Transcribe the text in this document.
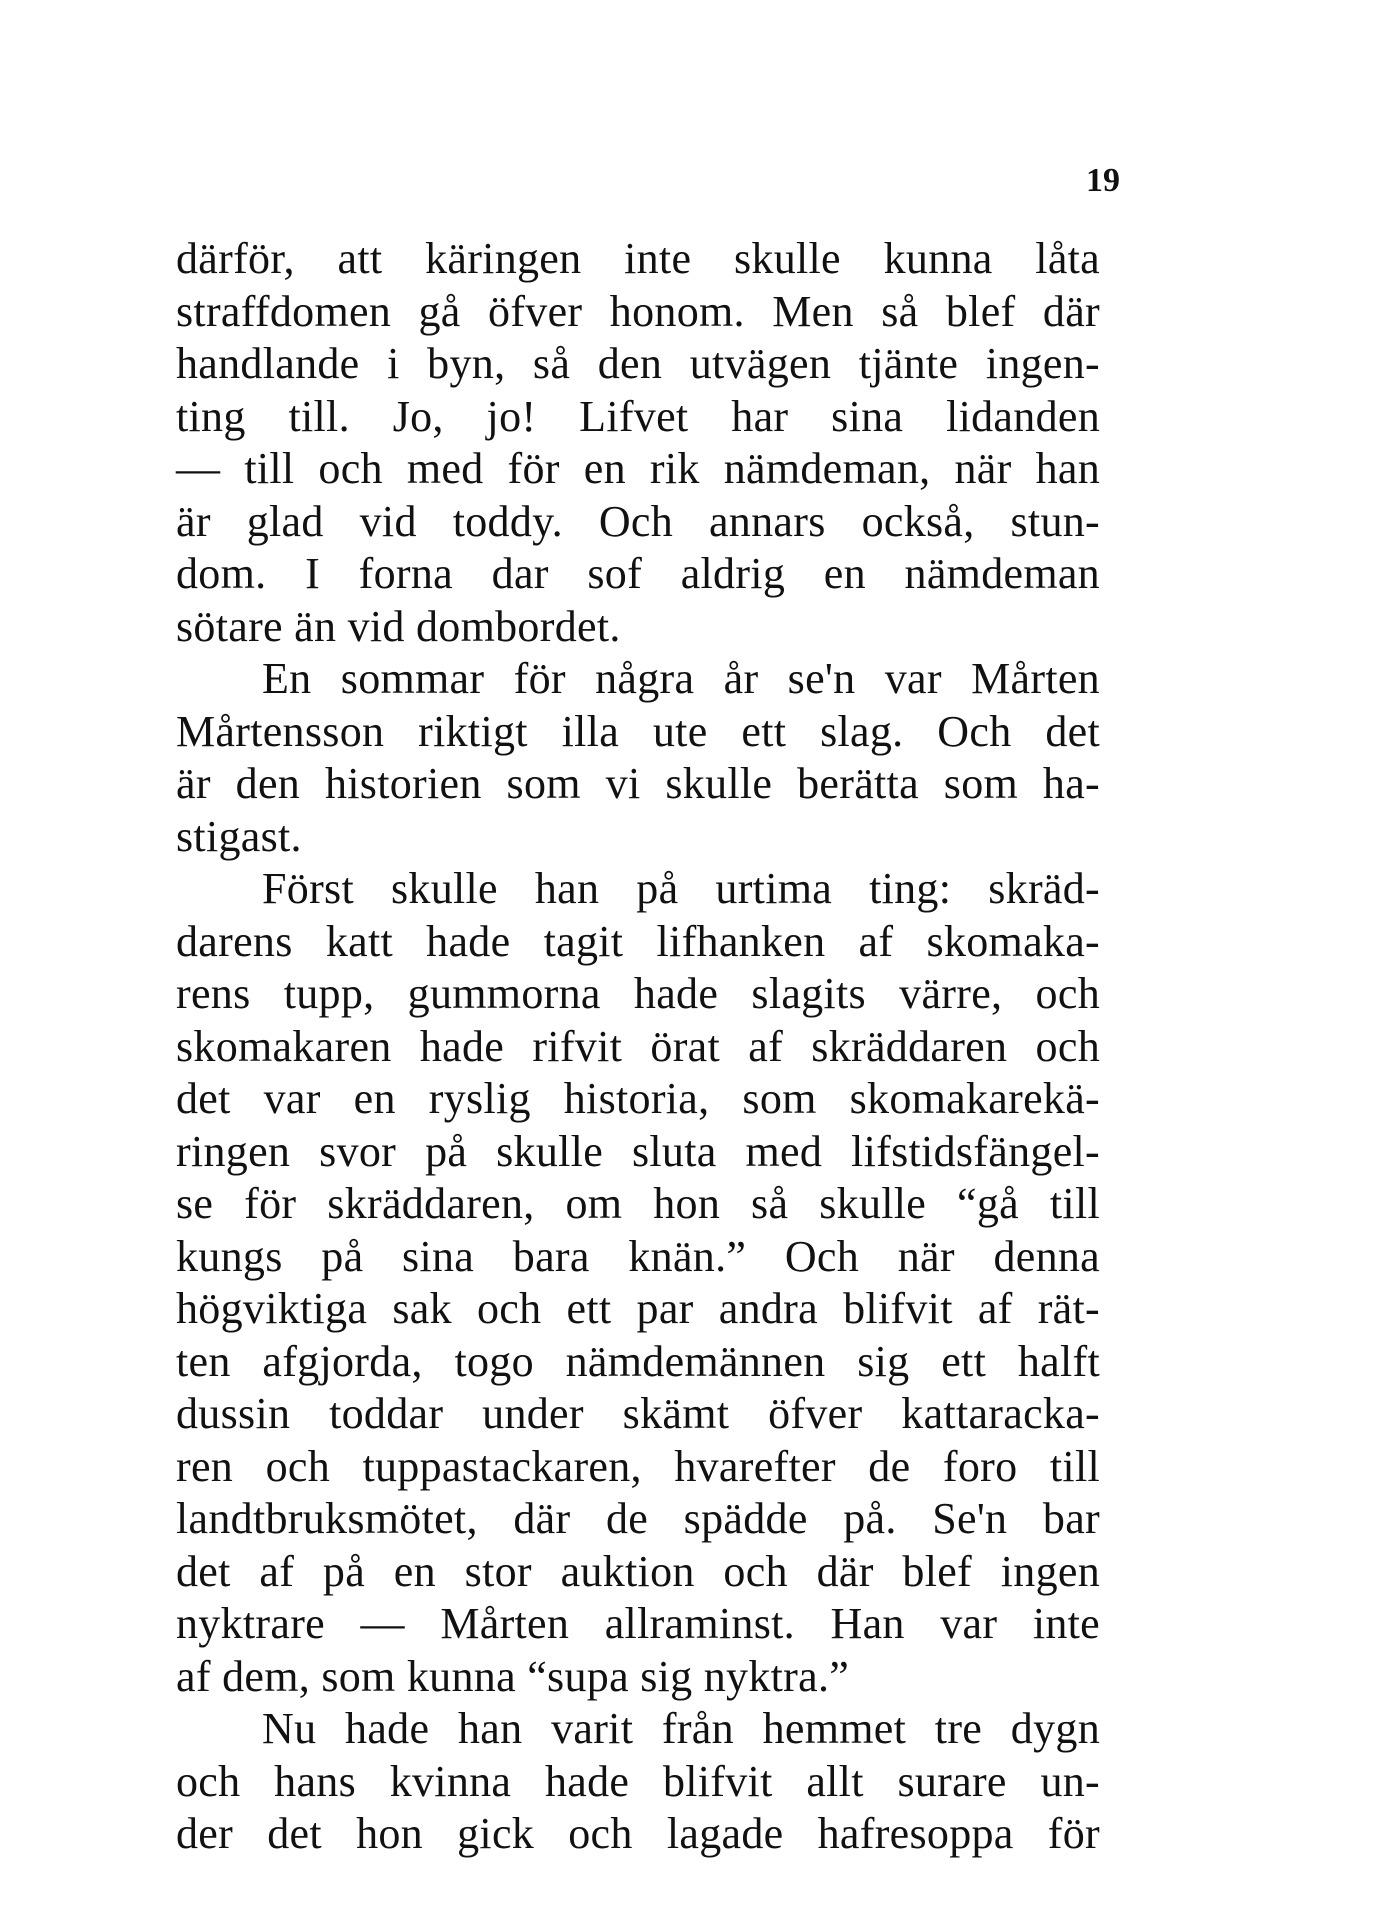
19
därför, att käringen inte skulle kunna låta
straffdomen gå öfver honom. Men så blef där
handlande i byn, så den utvägen tjänte ingen-
ting till. Jo, jo! Lifvet har sina lidanden
— till och med för en rik nämdeman, när han
är glad vid toddy. Och annars också, stun-
dom. I forna dar sof aldrig en nämdeman
sötare än vid dombordet.
En sommar för några år se'n var Mårten
Mårtensson riktigt illa ute ett slag. Och det
är den historien som vi skulle berätta som ha-
stigast.
Först skulle han på urtima ting: skräd-
darens katt hade tagit lifhanken af skomaka-
rens tupp, gummorna hade slagits värre, och
skomakaren hade rifvit örat af skräddaren och
det var en ryslig historia, som skomakarekä-
ringen svor på skulle sluta med lifstidsfängel-
se för skräddaren, om hon så skulle “gå till
kungs på sina bara knän.” Och när denna
högviktiga sak och ett par andra blifvit af rät-
ten afgjorda, togo nämdemännen sig ett halft
dussin toddar under skämt öfver kattaracka-
ren och tuppastackaren, hvarefter de foro till
landtbruksmötet, där de spädde på. Se'n bar
det af på en stor auktion och där blef ingen
nyktrare — Mårten allraminst. Han var inte
af dem, som kunna “supa sig nyktra.”
Nu hade han varit från hemmet tre dygn
och hans kvinna hade blifvit allt surare un-
der det hon gick och lagade hafresoppa för
